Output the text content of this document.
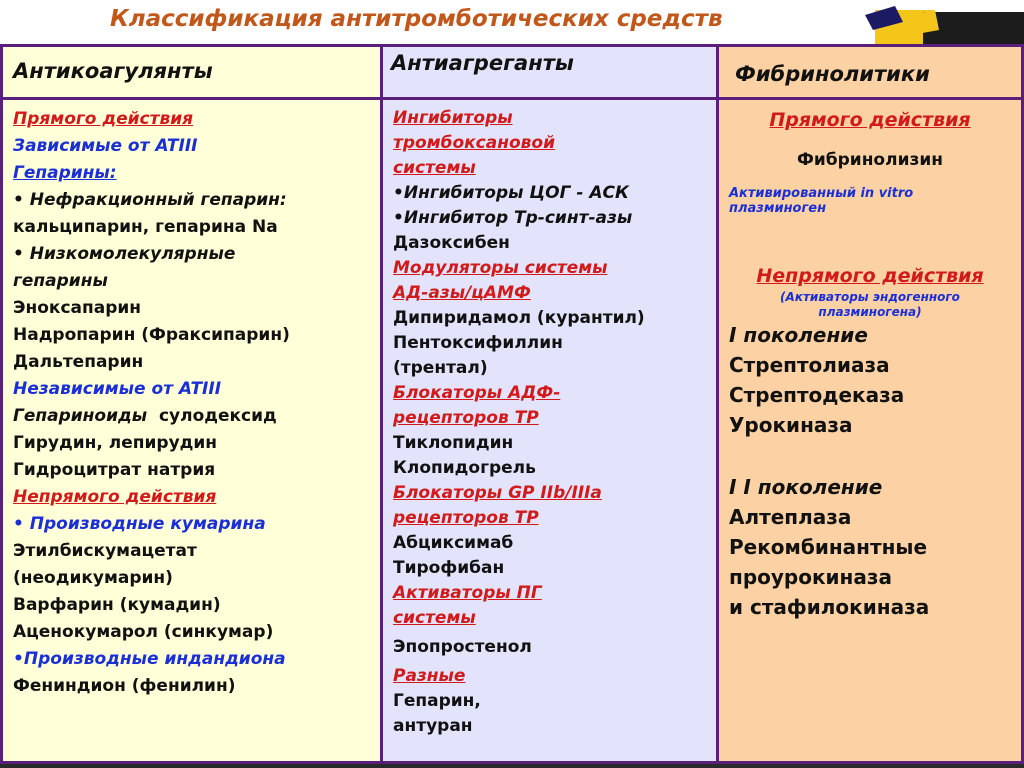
Классификация антитромботических средств
Антикоагулянты	Антиагреганты	Фибринолитики
Прямого действия
Зависимые от ATIII
Гепарины:
• Нефракционный гепарин:
кальципарин, гепарина Na
• Низкомолекулярные
гепарины
Эноксапарин
Надропарин (Фраксипарин)
Дальтепарин
Независимые от ATIII
Гепариноиды сулодексид
Гирудин, лепирудин
Гидроцитрат натрия
Непрямого действия
• Производные кумарина
Этилбискумацетат
(неодикумарин)
Варфарин (кумадин)
Аценокумарол (синкумар)
•Производные индандиона
Фениндион (фенилин)
Ингибиторы
тромбоксановой
системы
•Ингибиторы ЦОГ - АСК
•Ингибитор Тр-синт-азы
Дазоксибен
Модуляторы системы
АД-азы/цАМФ
Дипиридамол (курантил)
Пентоксифиллин
(трентал)
Блокаторы АДФ-
рецепторов ТР
Тиклопидин
Клопидогрель
Блокаторы GP IIb/IIIa
рецепторов ТР
Абциксимаб
Тирофибан
Активаторы ПГ
системы
Эпопростенол
Разные
Гепарин,
антуран
Прямого действия
Фибринолизин
Активированный in vitro
плазминоген
Непрямого действия
(Активаторы эндогенного
плазминогена)
I поколение
Стрептолиаза
Стрептодеказа
Урокиназа
I I поколение
Алтеплаза
Рекомбинантные
проурокиназа
и стафилокиназа
